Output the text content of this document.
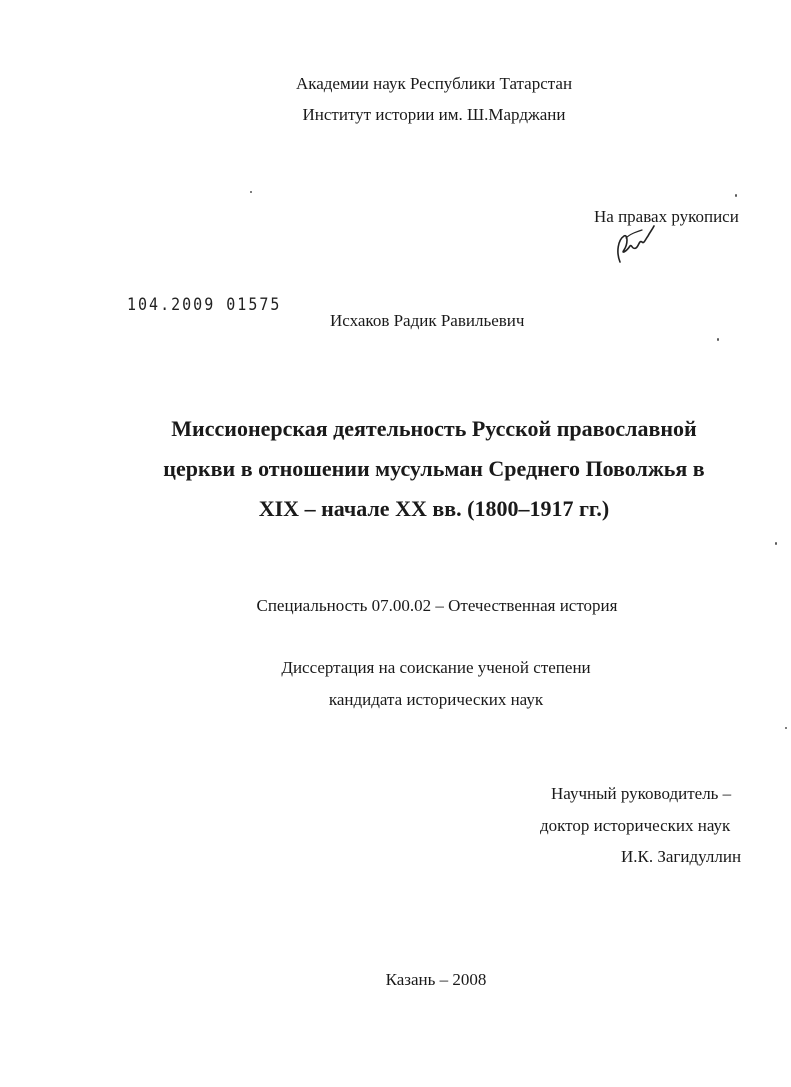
Академии наук Республики Татарстан
Институт истории им. Ш.Марджани
На правах рукописи
104.2009 01575
Исхаков Радик Равильевич
Миссионерская деятельность Русской православной
церкви в отношении мусульман Среднего Поволжья в
XIX – начале XX вв. (1800–1917 гг.)
Специальность 07.00.02 – Отечественная история
Диссертация на соискание ученой степени
кандидата исторических наук
Научный руководитель –
доктор исторических наук
И.К. Загидуллин
Казань – 2008
